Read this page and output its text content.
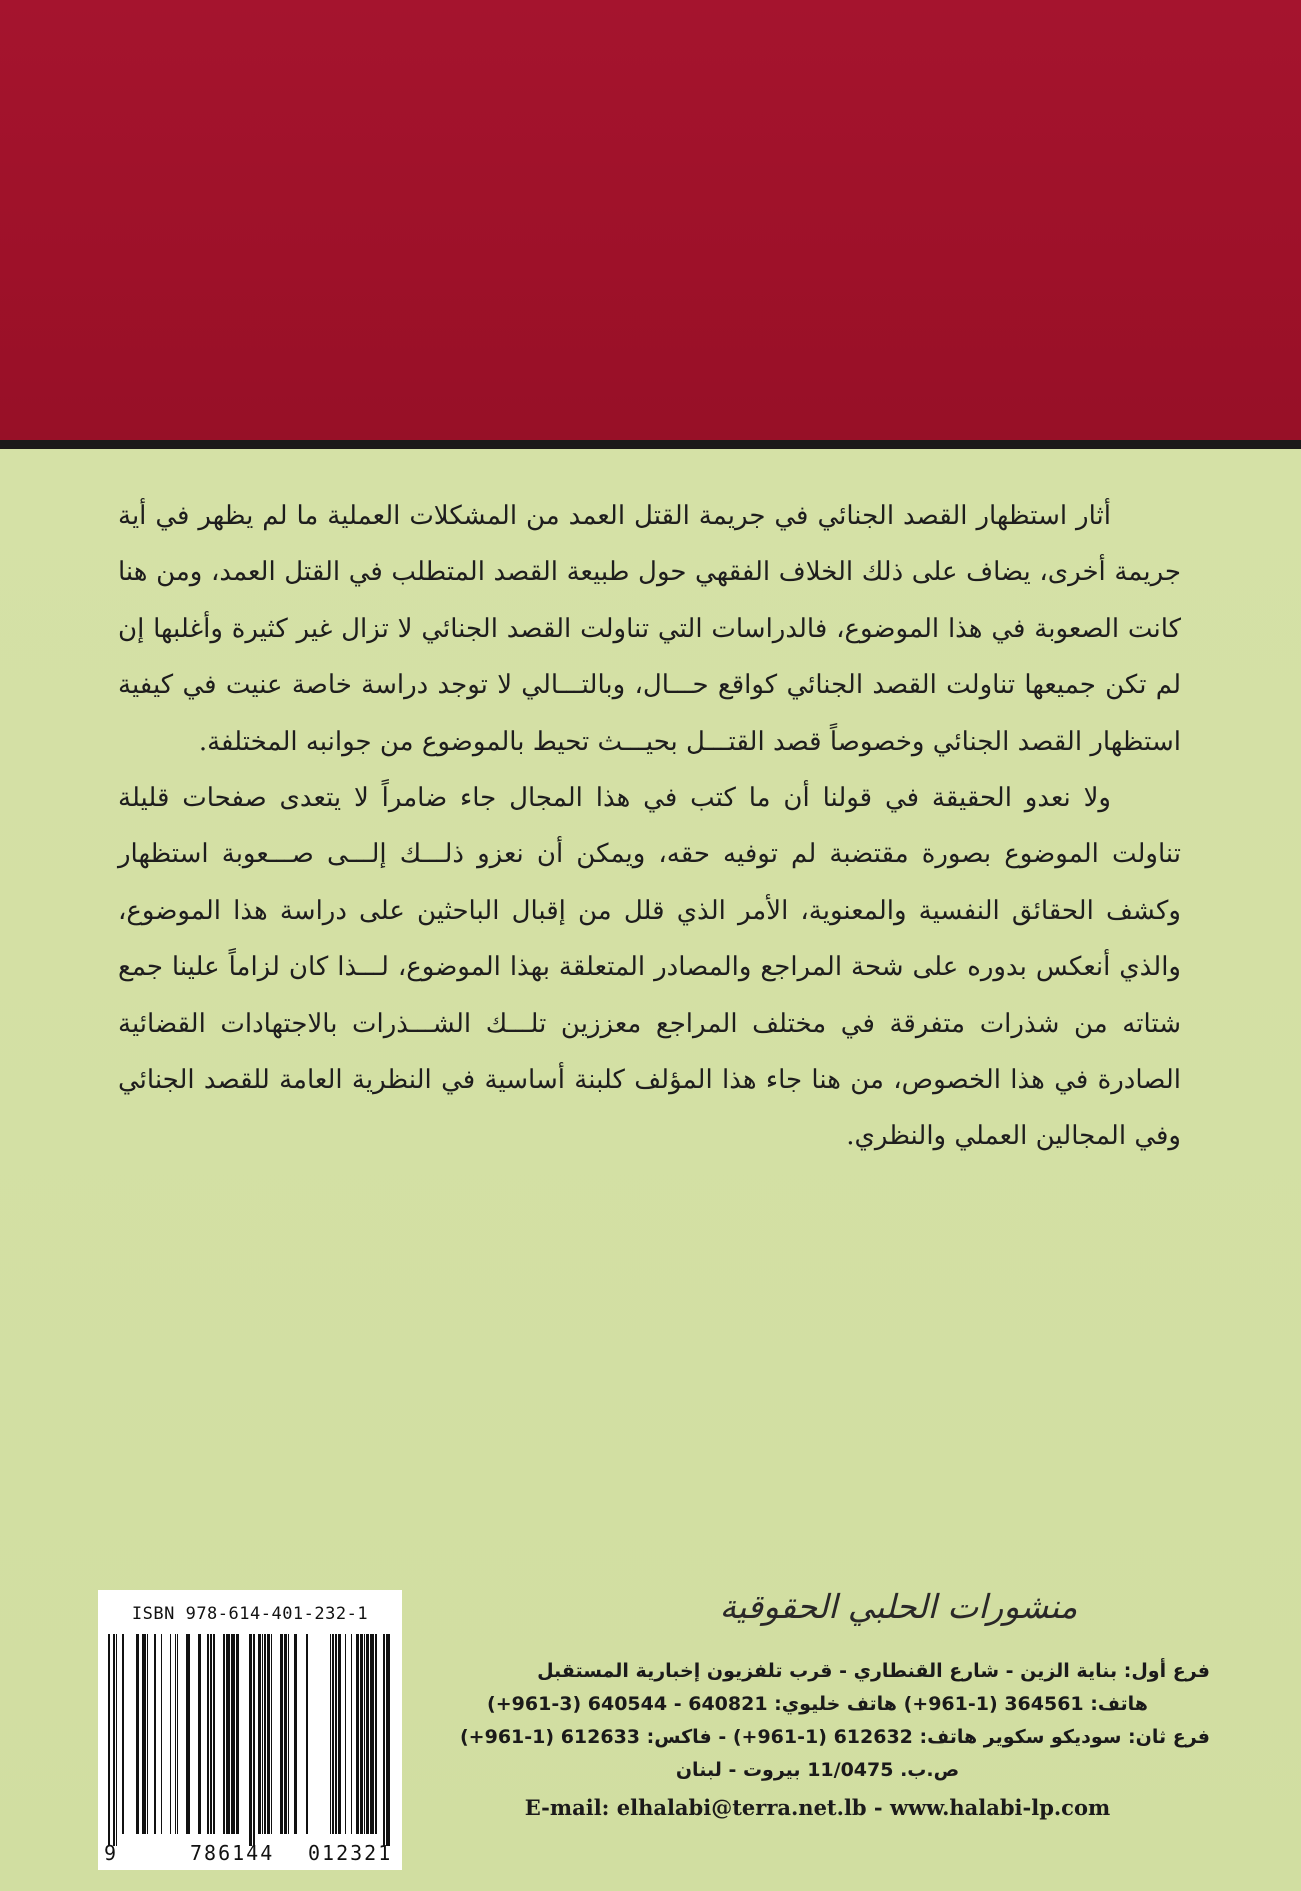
أثار استظهار القصد الجنائي في جريمة القتل العمد من المشكلات العملية ما لم يظهر في أية جريمة أخرى، يضاف على ذلك الخلاف الفقهي حول طبيعة القصد المتطلب في القتل العمد، ومن هنا كانت الصعوبة في هذا الموضوع، فالدراسات التي تناولت القصد الجنائي لا تزال غير كثيرة وأغلبها إن لم تكن جميعها تناولت القصد الجنائي كواقع حـــال، وبالتـــالي لا توجد دراسة خاصة عنيت في كيفية استظهار القصد الجنائي وخصوصاً قصد القتـــل بحيـــث تحيط بالموضوع من جوانبه المختلفة.

ولا نعدو الحقيقة في قولنا أن ما كتب في هذا المجال جاء ضامراً لا يتعدى صفحات قليلة تناولت الموضوع بصورة مقتضبة لم توفيه حقه، ويمكن أن نعزو ذلـــك إلـــى صـــعوبة استظهار وكشف الحقائق النفسية والمعنوية، الأمر الذي قلل من إقبال الباحثين على دراسة هذا الموضوع، والذي أنعكس بدوره على شحة المراجع والمصادر المتعلقة بهذا الموضوع، لـــذا كان لزاماً علينا جمع شتاته من شذرات متفرقة في مختلف المراجع معززين تلـــك الشـــذرات بالاجتهادات القضائية الصادرة في هذا الخصوص، من هنا جاء هذا المؤلف كلبنة أساسية في النظرية العامة للقصد الجنائي وفي المجالين العملي والنظري.

منشورات الحلبي الحقوقية
فرع أول: بناية الزين - شارع القنطاري - قرب تلفزيون إخبارية المستقبل
هاتف: 364561 (1-961+) هاتف خليوي: 640821 - 640544 (3-961+)
فرع ثان: سوديكو سكوير هاتف: 612632 (1-961+) - فاكس: 612633 (1-961+)
ص.ب. 11/0475 بيروت - لبنان
E-mail: elhalabi@terra.net.lb - www.halabi-lp.com
9	786144 012321
ISBN 978-614-401-232-1
